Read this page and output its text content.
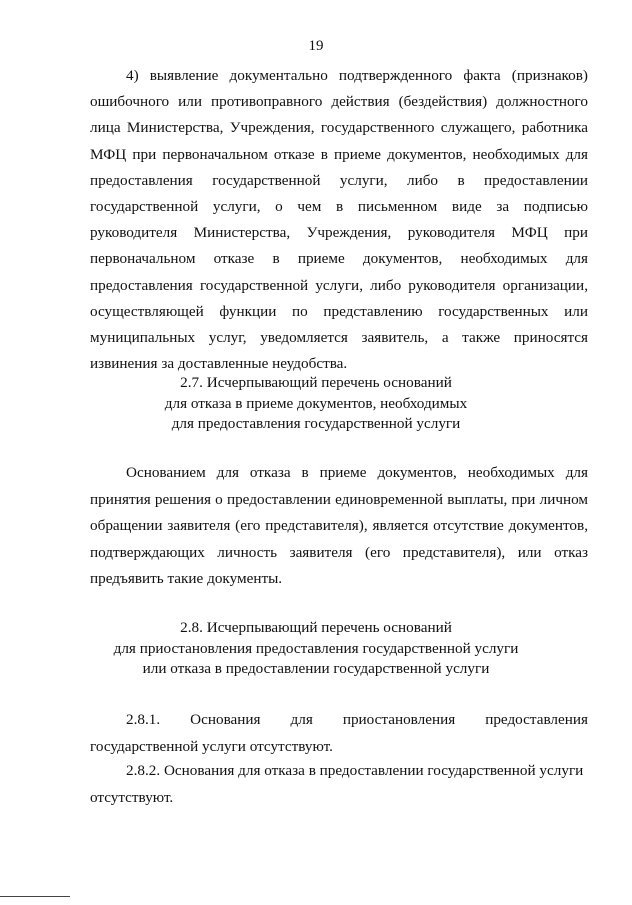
19

4) выявление документально подтвержденного факта (признаков) ошибочного или противоправного действия (бездействия) должностного лица Министерства, Учреждения, государственного служащего, работника МФЦ при первоначальном отказе в приеме документов, необходимых для предоставления государственной услуги, либо в предоставлении государственной услуги, о чем в письменном виде за подписью руководителя Министерства, Учреждения, руководителя МФЦ при первоначальном отказе в приеме документов, необходимых для предоставления государственной услуги, либо руководителя организации, осуществляющей функции по представлению государственных или муниципальных услуг, уведомляется заявитель, а также приносятся извинения за доставленные неудобства.

2.7. Исчерпывающий перечень оснований
для отказа в приеме документов, необходимых
для предоставления государственной услуги

Основанием для отказа в приеме документов, необходимых для принятия решения о предоставлении единовременной выплаты, при личном обращении заявителя (его представителя), является отсутствие документов, подтверждающих личность заявителя (его представителя), или отказ предъявить такие документы.

2.8. Исчерпывающий перечень оснований
для приостановления предоставления государственной услуги
или отказа в предоставлении государственной услуги
2.8.1. Основания для приостановления предоставления
государственной услуги отсутствуют.
2.8.2. Основания для отказа в предоставлении государственной услуги
отсутствуют.
